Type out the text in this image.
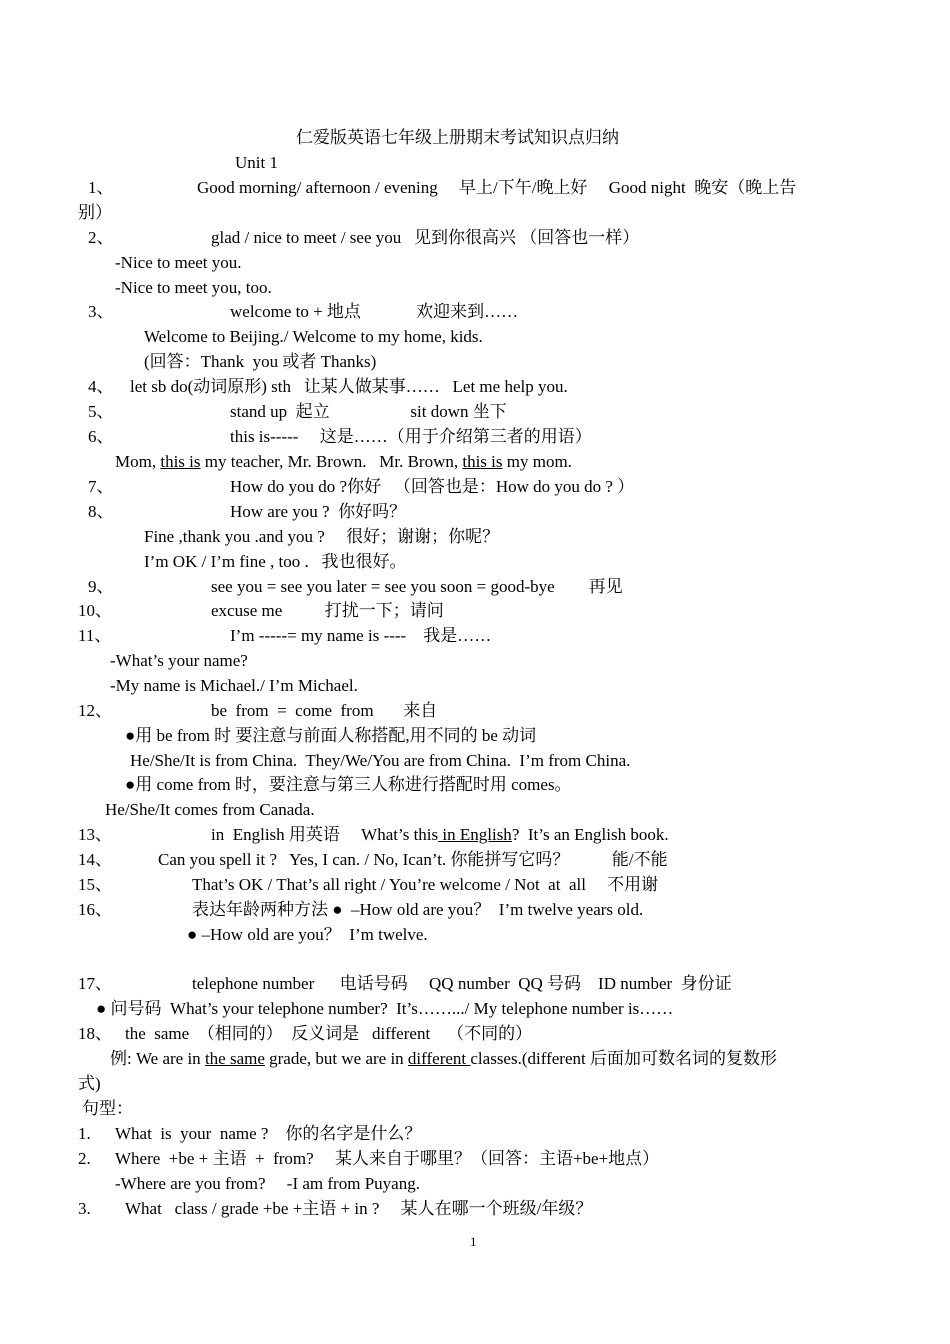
仁爱版英语七年级上册期末考试知识点归纳
Unit 1
1、	Good morning/ afternoon / evening     早上/下午/晚上好     Good night  晚安（晚上告
别）
2、	glad / nice to meet / see you   见到你很高兴 （回答也一样）
-Nice to meet you.
-Nice to meet you, too.
3、	welcome to + 地点             欢迎来到……
Welcome to Beijing./ Welcome to my home, kids.
(回答：Thank  you 或者 Thanks)
4、 let sb do(动词原形) sth   让某人做某事……   Let me help you.
5、	stand up  起立                   sit down 坐下
6、	this is-----     这是……（用于介绍第三者的用语）
Mom, this is my teacher, Mr. Brown.   Mr. Brown, this is my mom.
7、	How do you do ?你好   （回答也是：How do you do ? ）
8、	How are you ?  你好吗？
Fine ,thank you .and you ?     很好；谢谢；你呢？
I’m OK / I’m fine , too .   我也很好。
9、	see you = see you later = see you soon = good-bye        再见
10、	excuse me          打扰一下；请问
11、	I’m -----= my name is ----    我是……
-What’s your name?
-My name is Michael./ I’m Michael.
12、	be  from  =  come  from       来自
●用 be from 时 要注意与前面人称搭配,用不同的 be 动词
He/She/It is from China.  They/We/You are from China.  I’m from China.
●用 come from 时，要注意与第三人称进行搭配时用 comes。
He/She/It comes from Canada.
13、	in  English 用英语     What’s this in English?  It’s an English book.
14、	Can you spell it ?   Yes, I can. / No, Ican’t. 你能拼写它吗？          能/不能
15、	That’s OK / That’s all right / You’re welcome / Not  at  all     不用谢
16、	表达年龄两种方法 ●  –How old are you？  I’m twelve years old.
● –How old are you？  I’m twelve.
17、	telephone number      电话号码     QQ number  QQ 号码    ID number  身份证
● 问号码  What’s your telephone number?  It’s…….../ My telephone number is……
18、 the  same  （相同的）  反义词是   different    （不同的）
例: We are in the same grade, but we are in different classes.(different 后面加可数名词的复数形
式)
句型：
1. What  is  your  name ?    你的名字是什么？
2. Where  +be + 主语  +  from?     某人来自于哪里？（回答：主语+be+地点）
-Where are you from?     -I am from Puyang.
3. What   class / grade +be +主语 + in ?     某人在哪一个班级/年级？
1
